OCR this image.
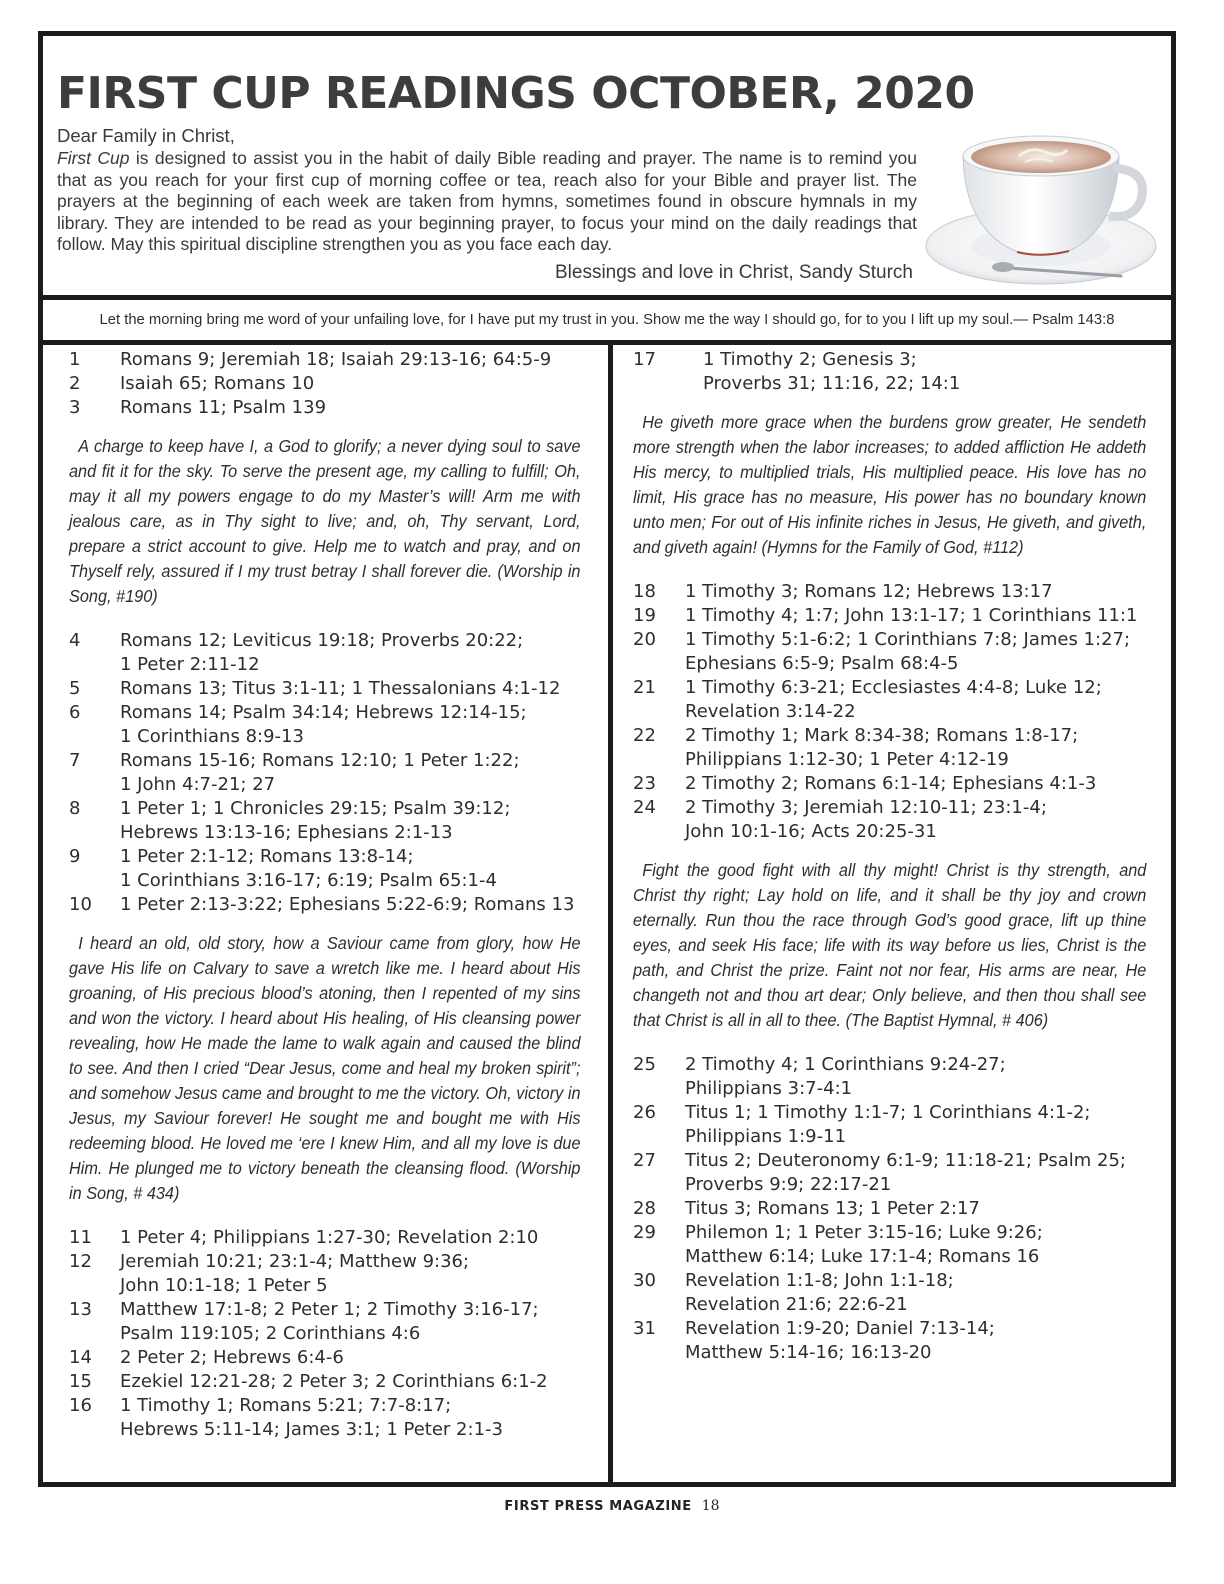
FIRST CUP READINGS OCTOBER, 2020
Dear Family in Christ,

First Cup is designed to assist you in the habit of daily Bible reading and prayer. The name is to remind you that as you reach for your first cup of morning coffee or tea, reach also for your Bible and prayer list. The prayers at the beginning of each week are taken from hymns, sometimes found in obscure hymnals in my library. They are intended to be read as your beginning prayer, to focus your mind on the daily readings that follow. May this spiritual discipline strengthen you as you face each day.

Blessings and love in Christ, Sandy Sturch
Let the morning bring me word of your unfailing love, for I have put my trust in you. Show me the way I should go, for to you I lift up my soul.— Psalm 143:8
1	Romans 9; Jeremiah 18; Isaiah 29:13-16; 64:5-9
2	Isaiah 65; Romans 10
3	Romans 11; Psalm 139

A charge to keep have I, a God to glorify; a never dying soul to save and fit it for the sky. To serve the present age, my calling to fulfill; Oh, may it all my powers engage to do my Master’s will! Arm me with jealous care, as in Thy sight to live; and, oh, Thy servant, Lord, prepare a strict account to give. Help me to watch and pray, and on Thyself rely, assured if I my trust betray I shall forever die. (Worship in Song, #190)

4	Romans 12; Leviticus 19:18; Proverbs 20:22;
1 Peter 2:11-12
5	Romans 13; Titus 3:1-11; 1 Thessalonians 4:1-12
6	Romans 14; Psalm 34:14; Hebrews 12:14-15;
1 Corinthians 8:9-13
7	Romans 15-16; Romans 12:10; 1 Peter 1:22;
1 John 4:7-21; 27
8	1 Peter 1; 1 Chronicles 29:15; Psalm 39:12;
Hebrews 13:13-16; Ephesians 2:1-13
9	1 Peter 2:1-12; Romans 13:8-14;
1 Corinthians 3:16-17; 6:19; Psalm 65:1-4
10	1 Peter 2:13-3:22; Ephesians 5:22-6:9; Romans 13

I heard an old, old story, how a Saviour came from glory, how He gave His life on Calvary to save a wretch like me. I heard about His groaning, of His precious blood’s atoning, then I repented of my sins and won the victory. I heard about His healing, of His cleansing power revealing, how He made the lame to walk again and caused the blind to see. And then I cried “Dear Jesus, come and heal my broken spirit”; and somehow Jesus came and brought to me the victory. Oh, victory in Jesus, my Saviour forever! He sought me and bought me with His redeeming blood. He loved me ‘ere I knew Him, and all my love is due Him. He plunged me to victory beneath the cleansing flood. (Worship in Song, # 434)

11	1 Peter 4; Philippians 1:27-30; Revelation 2:10
12	Jeremiah 10:21; 23:1-4; Matthew 9:36;
John 10:1-18; 1 Peter 5
13	Matthew 17:1-8; 2 Peter 1; 2 Timothy 3:16-17;
Psalm 119:105; 2 Corinthians 4:6
14	2 Peter 2; Hebrews 6:4-6
15	Ezekiel 12:21-28; 2 Peter 3; 2 Corinthians 6:1-2
16	1 Timothy 1; Romans 5:21; 7:7-8:17;
Hebrews 5:11-14; James 3:1; 1 Peter 2:1-3
17	1 Timothy 2; Genesis 3;
Proverbs 31; 11:16, 22; 14:1

He giveth more grace when the burdens grow greater, He sendeth more strength when the labor increases; to added affliction He addeth His mercy, to multiplied trials, His multiplied peace. His love has no limit, His grace has no measure, His power has no boundary known unto men; For out of His infinite riches in Jesus, He giveth, and giveth, and giveth again! (Hymns for the Family of God, #112)

18	1 Timothy 3; Romans 12; Hebrews 13:17
19	1 Timothy 4; 1:7; John 13:1-17; 1 Corinthians 11:1
20	1 Timothy 5:1-6:2; 1 Corinthians 7:8; James 1:27;
Ephesians 6:5-9; Psalm 68:4-5
21	1 Timothy 6:3-21; Ecclesiastes 4:4-8; Luke 12;
Revelation 3:14-22
22	2 Timothy 1; Mark 8:34-38; Romans 1:8-17;
Philippians 1:12-30; 1 Peter 4:12-19
23	2 Timothy 2; Romans 6:1-14; Ephesians 4:1-3
24	2 Timothy 3; Jeremiah 12:10-11; 23:1-4;
John 10:1-16; Acts 20:25-31

Fight the good fight with all thy might! Christ is thy strength, and Christ thy right; Lay hold on life, and it shall be thy joy and crown eternally. Run thou the race through God’s good grace, lift up thine eyes, and seek His face; life with its way before us lies, Christ is the path, and Christ the prize. Faint not nor fear, His arms are near, He changeth not and thou art dear; Only believe, and then thou shall see that Christ is all in all to thee. (The Baptist Hymnal, # 406)

25	2 Timothy 4; 1 Corinthians 9:24-27;
Philippians 3:7-4:1
26	Titus 1; 1 Timothy 1:1-7; 1 Corinthians 4:1-2;
Philippians 1:9-11
27	Titus 2; Deuteronomy 6:1-9; 11:18-21; Psalm 25;
Proverbs 9:9; 22:17-21
28	Titus 3; Romans 13; 1 Peter 2:17
29	Philemon 1; 1 Peter 3:15-16; Luke 9:26;
Matthew 6:14; Luke 17:1-4; Romans 16
30	Revelation 1:1-8; John 1:1-18;
Revelation 21:6; 22:6-21
31	Revelation 1:9-20; Daniel 7:13-14;
Matthew 5:14-16; 16:13-20
FIRST PRESS MAGAZINE 18
